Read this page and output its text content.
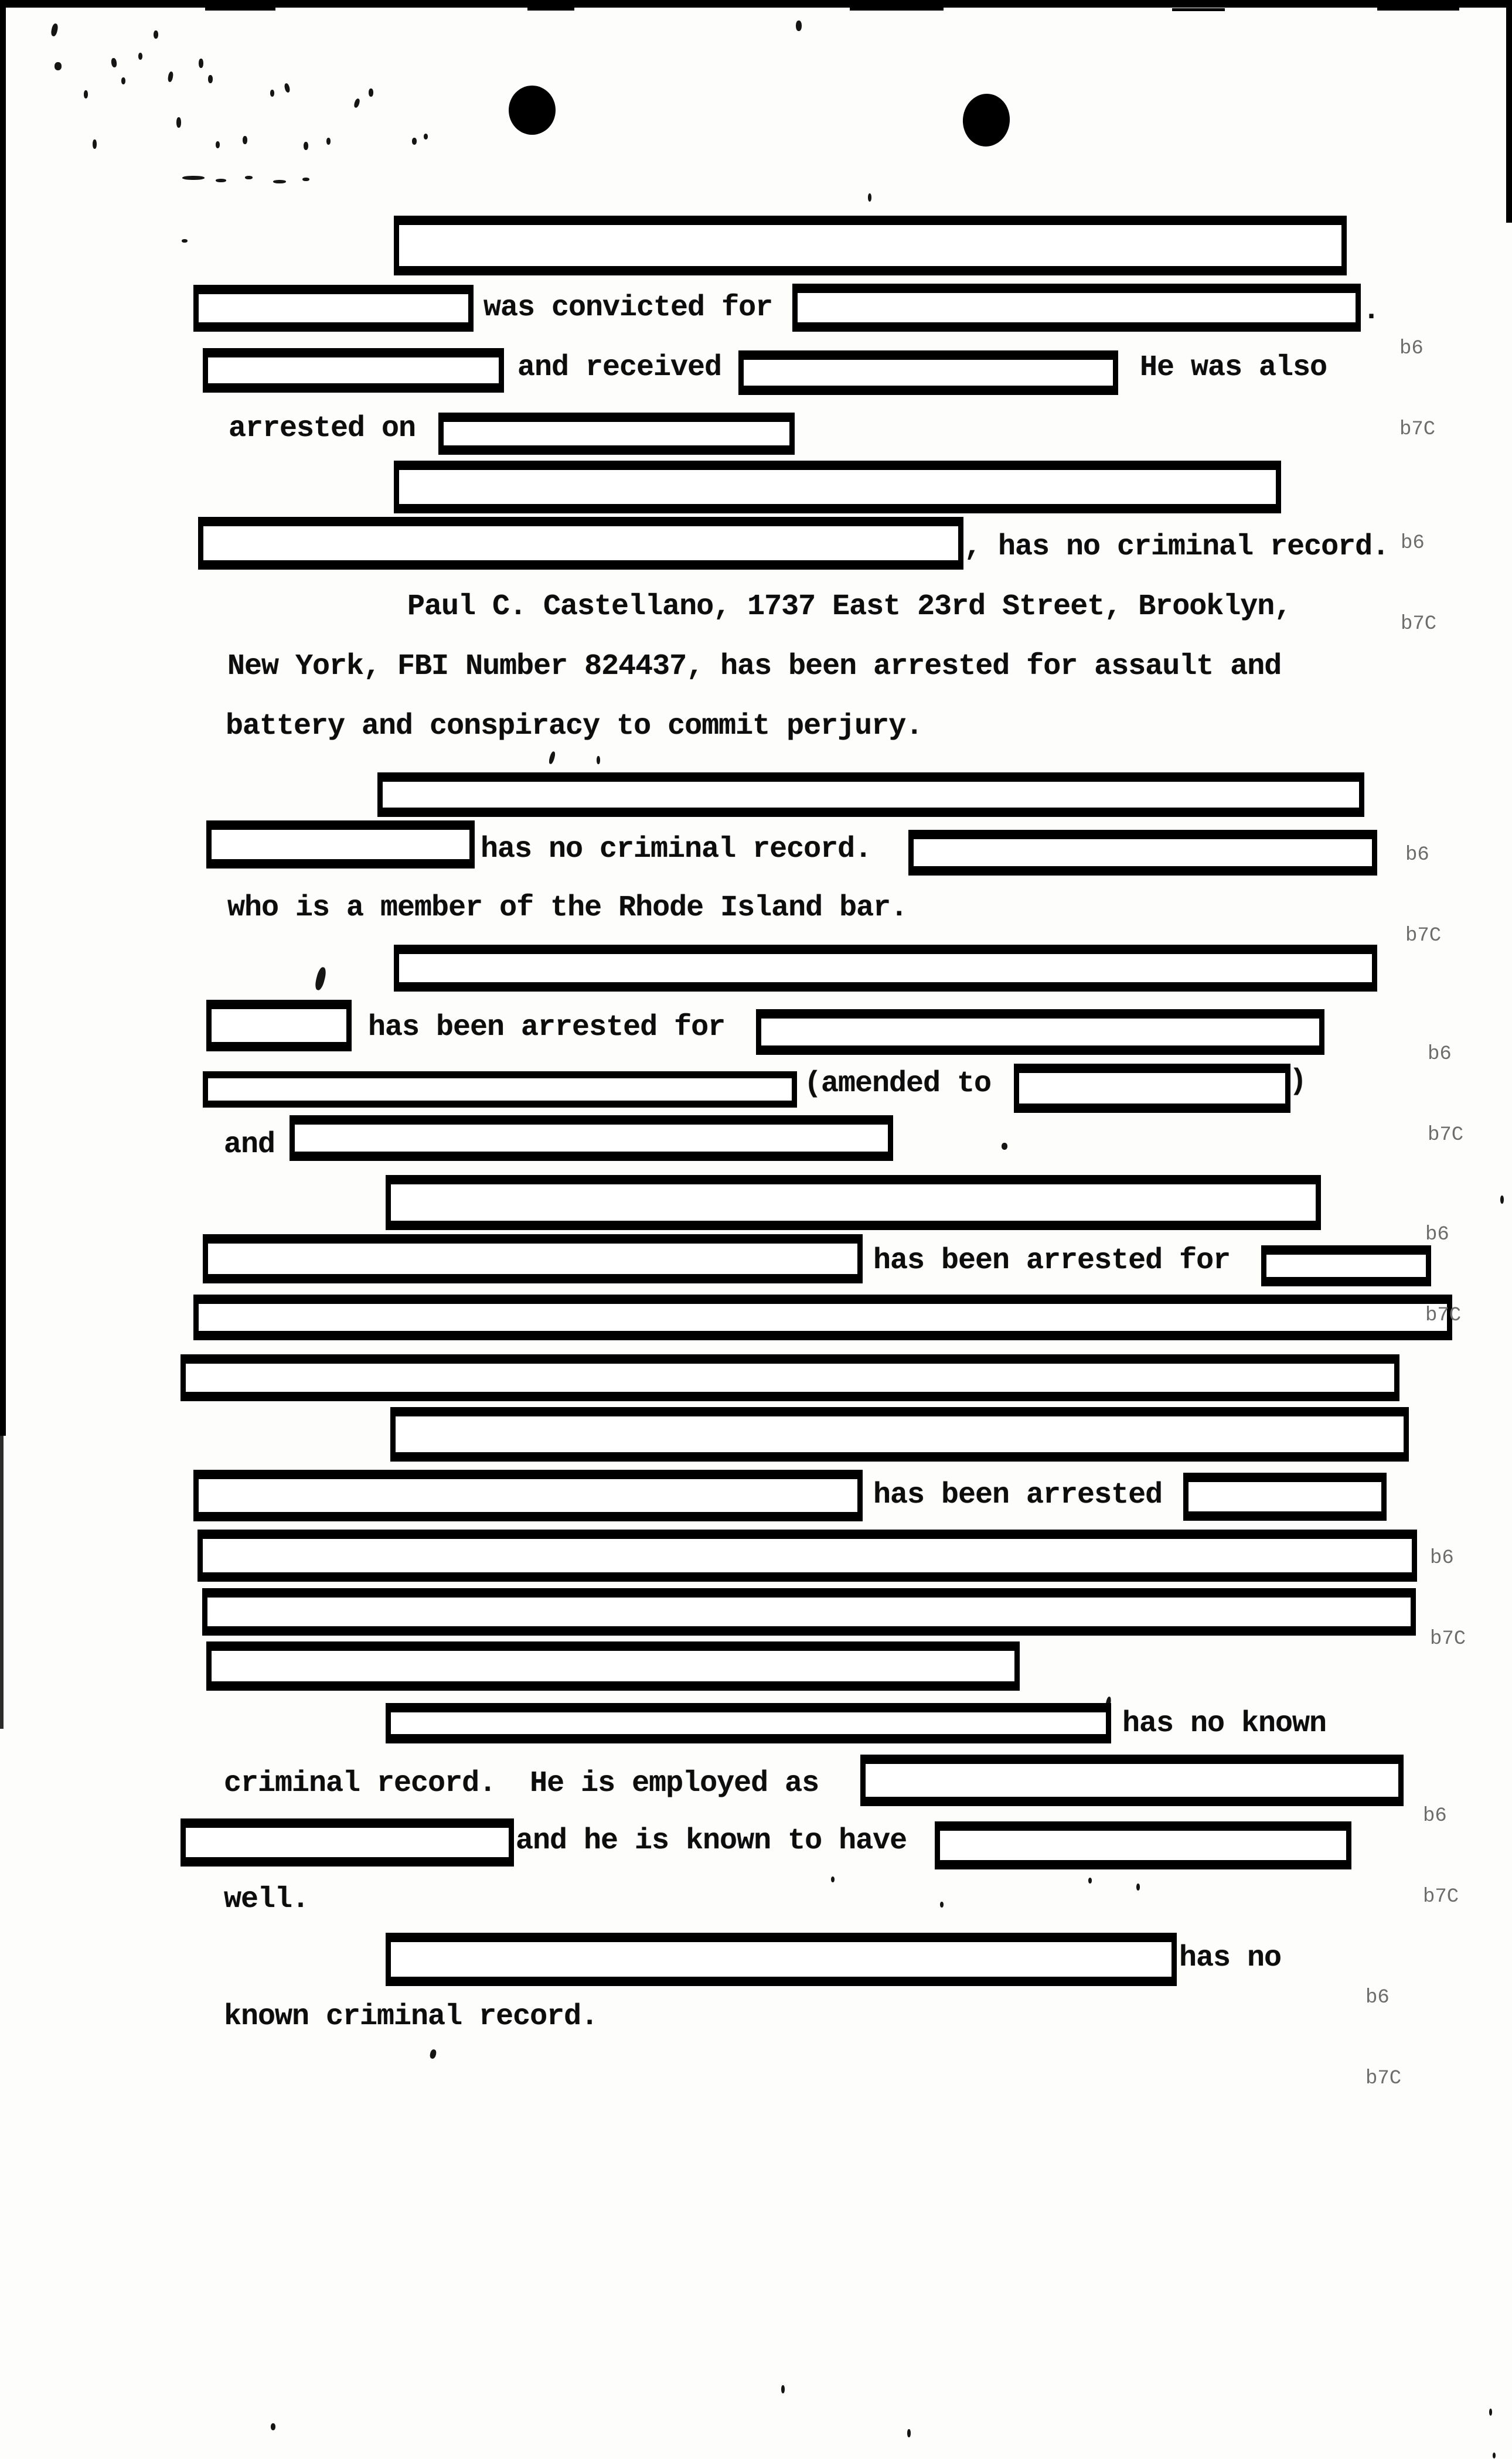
was convicted for	.
and received	He was also
arrested on
, has no criminal record.
Paul C. Castellano, 1737 East 23rd Street, Brooklyn,
New York, FBI Number 824437, has been arrested for assault and
battery and conspiracy to commit perjury.
has no criminal record.
who is a member of the Rhode Island bar.
has been arrested for
(amended to	)
and
has been arrested for
has been arrested
has no known
criminal record.  He is employed as
and he is known to have
well.
has no
known criminal record.

b6

b7C

b6

b7C

b6

b7C

b6

b7C

b6

b7C

b6

b7C

b6

b7C

b6

b7C
